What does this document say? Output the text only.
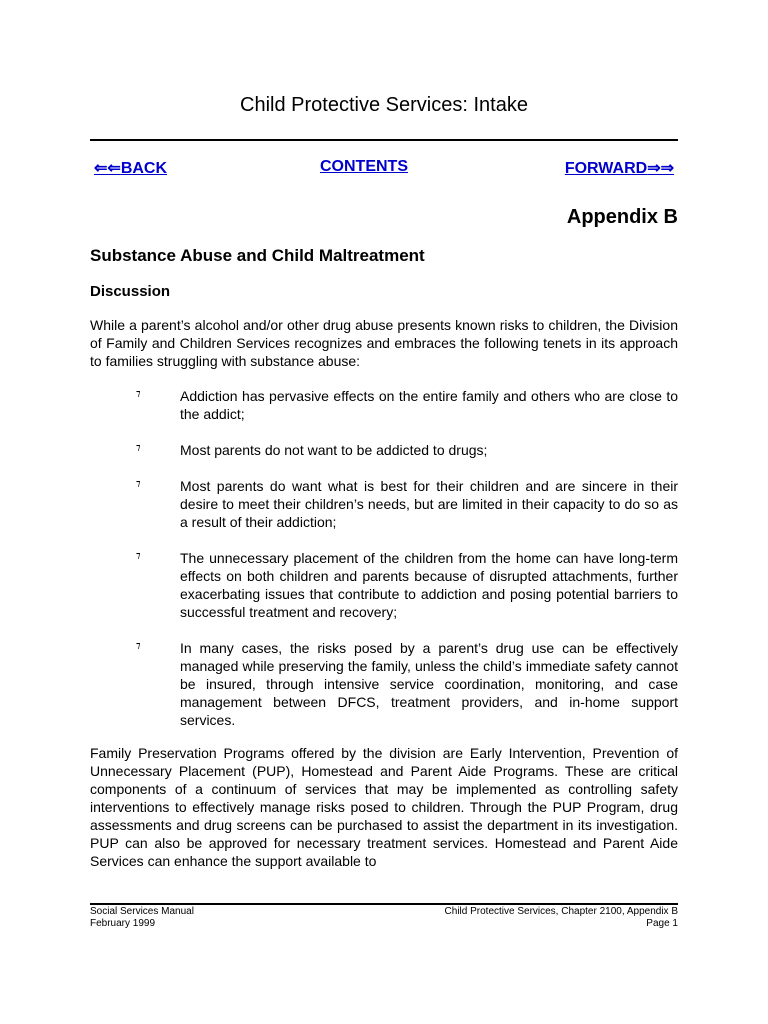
Child Protective Services: Intake
⇐⇐BACK	CONTENTS	FORWARD⇒⇒
Appendix B
Substance Abuse and Child Maltreatment
Discussion

While a parent’s alcohol and/or other drug abuse presents known risks to children, the Division of Family and Children Services recognizes and embraces the following tenets in its approach to families struggling with substance abuse:

⁊	Addiction has pervasive effects on the entire family and others who are close to the addict;
⁊	Most parents do not want to be addicted to drugs;
⁊	Most parents do want what is best for their children and are sincere in their desire to meet their children’s needs, but are limited in their capacity to do so as a result of their addiction;
⁊	The unnecessary placement of the children from the home can have long-term effects on both children and parents because of disrupted attachments, further exacerbating issues that contribute to addiction and posing potential barriers to successful treatment and recovery;
⁊	In many cases, the risks posed by a parent’s drug use can be effectively managed while preserving the family, unless the child’s immediate safety cannot be insured, through intensive service coordination, monitoring, and case management between DFCS, treatment providers, and in-home support services.

Family Preservation Programs offered by the division are Early Intervention, Prevention of Unnecessary Placement (PUP), Homestead and Parent Aide Programs. These are critical components of a continuum of services that may be implemented as controlling safety interventions to effectively manage risks posed to children. Through the PUP Program, drug assessments and drug screens can be purchased to assist the department in its investigation. PUP can also be approved for necessary treatment services. Homestead and Parent Aide Services can enhance the support available to

Social Services Manual
February 1999
Child Protective Services, Chapter 2100, Appendix B
Page 1
